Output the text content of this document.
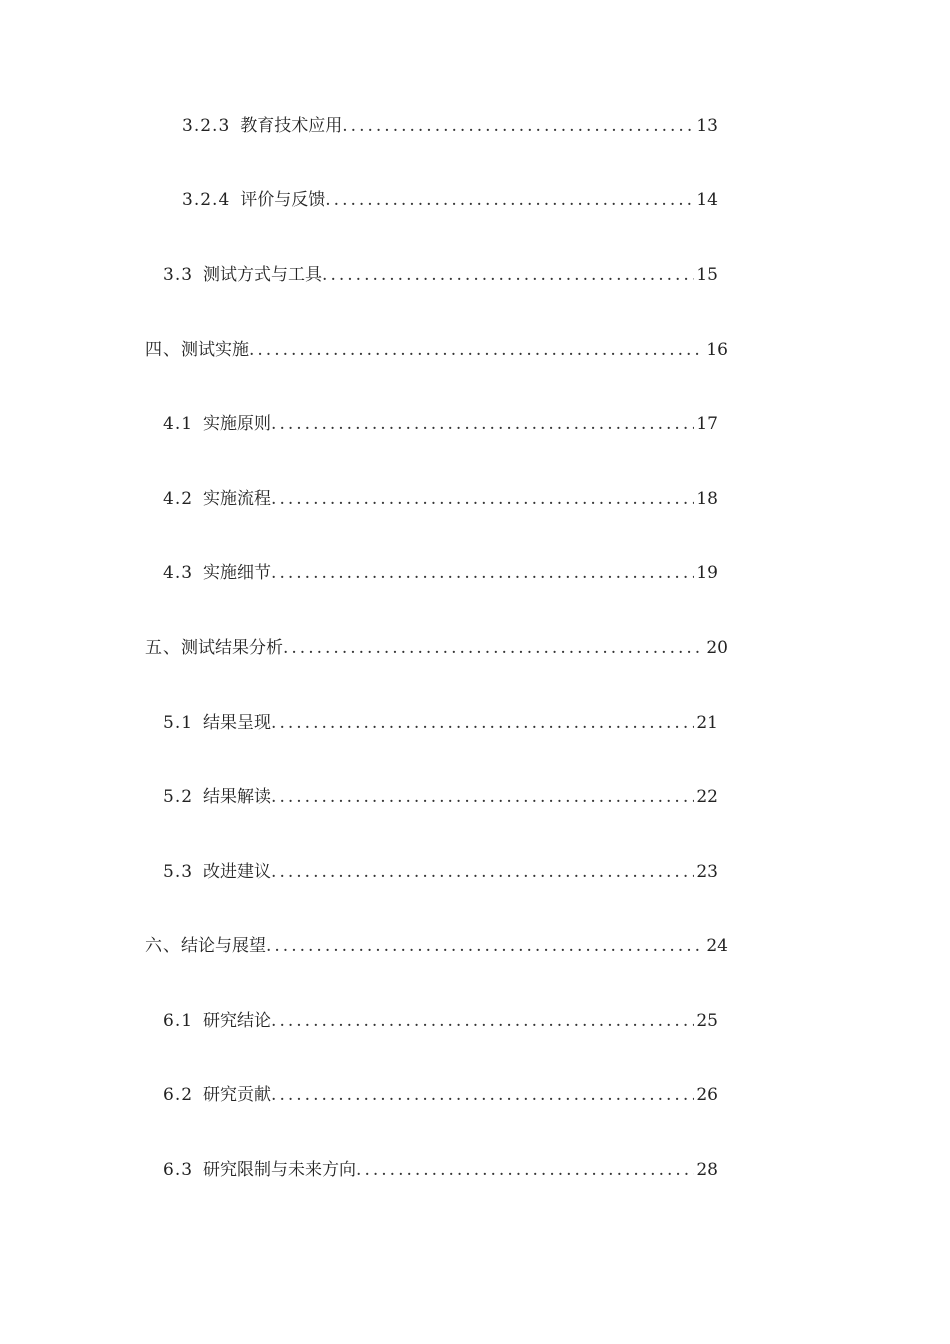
3.2.3 教育技术应用 .....	13
3.2.4 评价与反馈 .....	14
3.3 测试方式与工具 .....	15
四、 测试实施 .....	16
4.1 实施原则 .....	17
4.2 实施流程 .....	18
4.3 实施细节 .....	19
五、 测试结果分析 .....	20
5.1 结果呈现 .....	21
5.2 结果解读 .....	22
5.3 改进建议 .....	23
六、 结论与展望 .....	24
6.1 研究结论 .....	25
6.2 研究贡献 .....	26
6.3 研究限制与未来方向 .....	28
